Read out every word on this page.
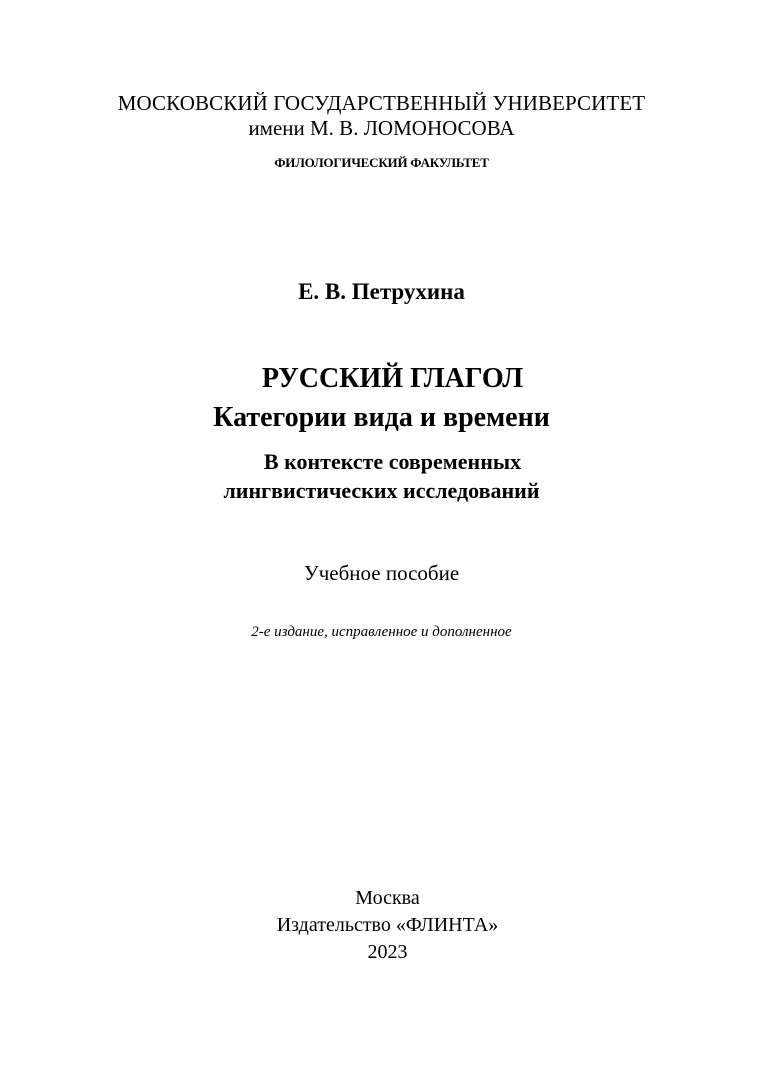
МОСКОВСКИЙ ГОСУДАРСТВЕННЫЙ УНИВЕРСИТЕТ
имени М. В. ЛОМОНОСОВА
ФИЛОЛОГИЧЕСКИЙ ФАКУЛЬТЕТ
Е. В. Петрухина
РУССКИЙ ГЛАГОЛ
Категории вида и времени
В контексте современных
лингвистических исследований
Учебное пособие
2-е издание, исправленное и дополненное
Москва
Издательство «ФЛИНТА»
2023
